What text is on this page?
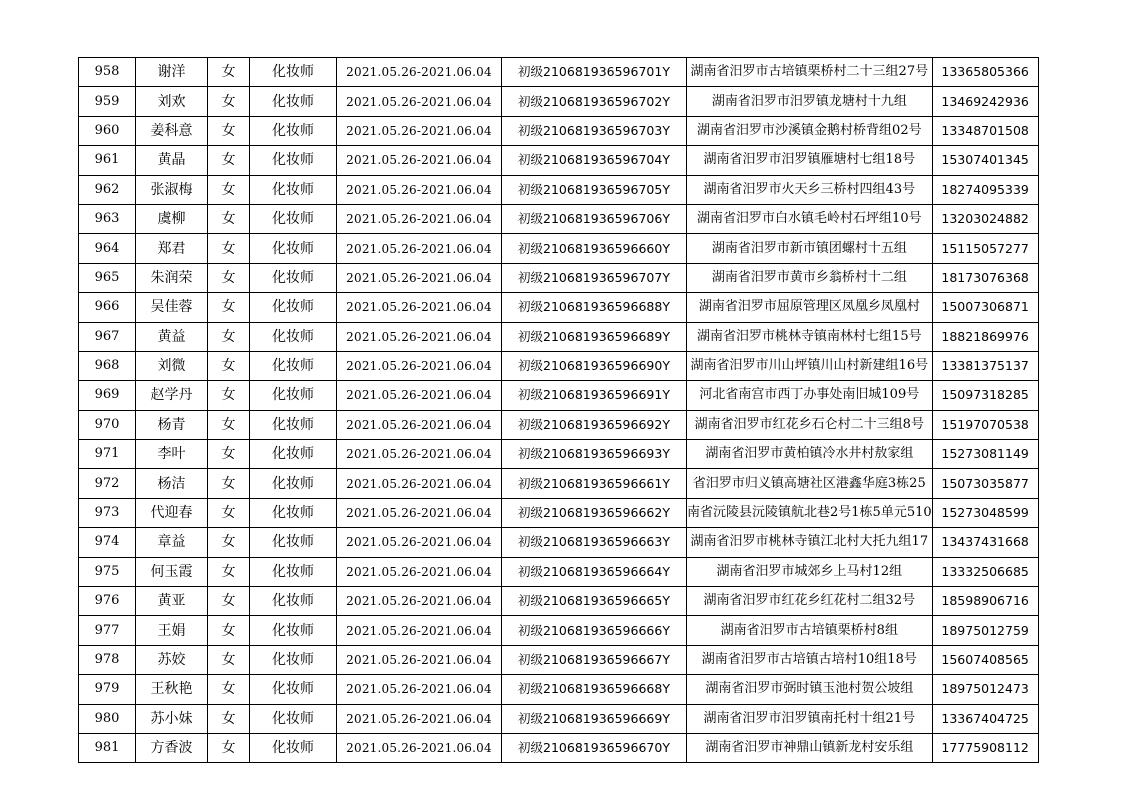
958	谢洋	女	化妆师	2021.05.26-2021.06.04	初级210681936596701Y	湖南省汨罗市古培镇栗桥村二十三组27号	13365805366
959	刘欢	女	化妆师	2021.05.26-2021.06.04	初级210681936596702Y	湖南省汨罗市汨罗镇龙塘村十九组	13469242936
960	姜科意	女	化妆师	2021.05.26-2021.06.04	初级210681936596703Y	湖南省汨罗市沙溪镇金鹅村桥背组02号	13348701508
961	黄晶	女	化妆师	2021.05.26-2021.06.04	初级210681936596704Y	湖南省汨罗市汨罗镇雁塘村七组18号	15307401345
962	张淑梅	女	化妆师	2021.05.26-2021.06.04	初级210681936596705Y	湖南省汨罗市火天乡三桥村四组43号	18274095339
963	虞柳	女	化妆师	2021.05.26-2021.06.04	初级210681936596706Y	湖南省汨罗市白水镇毛岭村石坪组10号	13203024882
964	郑君	女	化妆师	2021.05.26-2021.06.04	初级210681936596660Y	湖南省汨罗市新市镇团螺村十五组	15115057277
965	朱润荣	女	化妆师	2021.05.26-2021.06.04	初级210681936596707Y	湖南省汨罗市黄市乡翁桥村十二组	18173076368
966	吴佳蓉	女	化妆师	2021.05.26-2021.06.04	初级210681936596688Y	湖南省汨罗市屈原管理区凤凰乡凤凰村	15007306871
967	黄益	女	化妆师	2021.05.26-2021.06.04	初级210681936596689Y	湖南省汨罗市桃林寺镇南林村七组15号	18821869976
968	刘微	女	化妆师	2021.05.26-2021.06.04	初级210681936596690Y	湖南省汨罗市川山坪镇川山村新建组16号	13381375137
969	赵学丹	女	化妆师	2021.05.26-2021.06.04	初级210681936596691Y	河北省南宫市西丁办事处南旧城109号	15097318285
970	杨青	女	化妆师	2021.05.26-2021.06.04	初级210681936596692Y	湖南省汨罗市红花乡石仑村二十三组8号	15197070538
971	李叶	女	化妆师	2021.05.26-2021.06.04	初级210681936596693Y	湖南省汨罗市黄柏镇冷水井村敖家组	15273081149
972	杨洁	女	化妆师	2021.05.26-2021.06.04	初级210681936596661Y	省汨罗市归义镇高塘社区港鑫华庭3栋25	15073035877
973	代迎春	女	化妆师	2021.05.26-2021.06.04	初级210681936596662Y	南省沅陵县沅陵镇航北巷2号1栋5单元510	15273048599
974	章益	女	化妆师	2021.05.26-2021.06.04	初级210681936596663Y	湖南省汨罗市桃林寺镇江北村大托九组17	13437431668
975	何玉霞	女	化妆师	2021.05.26-2021.06.04	初级210681936596664Y	湖南省汨罗市城郊乡上马村12组	13332506685
976	黄亚	女	化妆师	2021.05.26-2021.06.04	初级210681936596665Y	湖南省汨罗市红花乡红花村二组32号	18598906716
977	王娟	女	化妆师	2021.05.26-2021.06.04	初级210681936596666Y	湖南省汨罗市古培镇栗桥村8组	18975012759
978	苏姣	女	化妆师	2021.05.26-2021.06.04	初级210681936596667Y	湖南省汨罗市古培镇古培村10组18号	15607408565
979	王秋艳	女	化妆师	2021.05.26-2021.06.04	初级210681936596668Y	湖南省汨罗市弼时镇玉池村贺公坡组	18975012473
980	苏小妹	女	化妆师	2021.05.26-2021.06.04	初级210681936596669Y	湖南省汨罗市汨罗镇南托村十组21号	13367404725
981	方香波	女	化妆师	2021.05.26-2021.06.04	初级210681936596670Y	湖南省汨罗市神鼎山镇新龙村安乐组	17775908112
